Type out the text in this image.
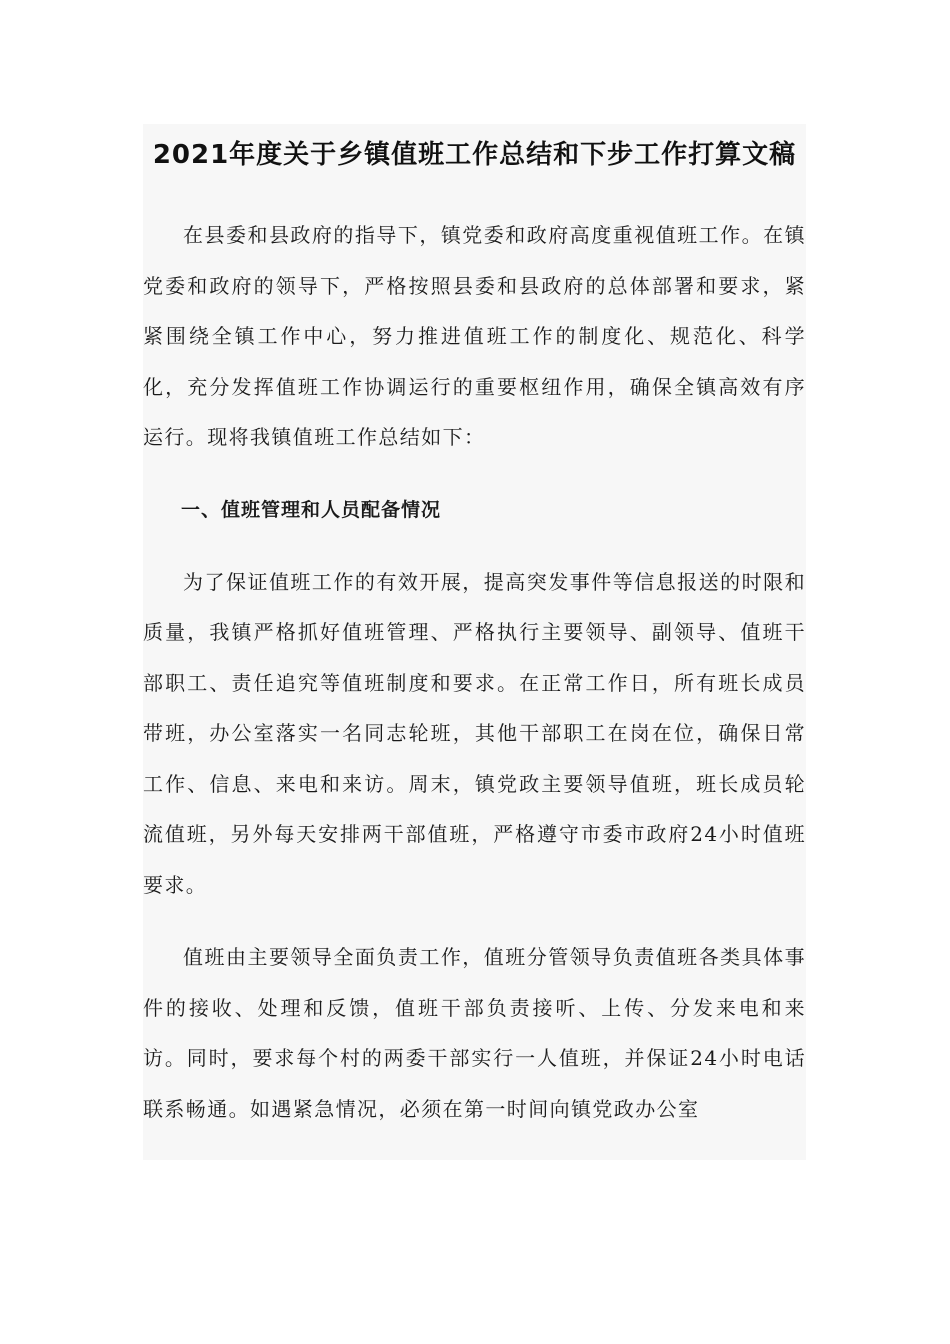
2021年度关于乡镇值班工作总结和下步工作打算文稿

在县委和县政府的指导下，镇党委和政府高度重视值班工作。在镇党委和政府的领导下，严格按照县委和县政府的总体部署和要求，紧紧围绕全镇工作中心，努力推进值班工作的制度化、规范化、科学化，充分发挥值班工作协调运行的重要枢纽作用，确保全镇高效有序运行。现将我镇值班工作总结如下：

一、值班管理和人员配备情况

为了保证值班工作的有效开展，提高突发事件等信息报送的时限和质量，我镇严格抓好值班管理、严格执行主要领导、副领导、值班干部职工、责任追究等值班制度和要求。在正常工作日，所有班长成员带班，办公室落实一名同志轮班，其他干部职工在岗在位，确保日常工作、信息、来电和来访。周末，镇党政主要领导值班，班长成员轮流值班，另外每天安排两干部值班，严格遵守市委市政府24小时值班要求。

值班由主要领导全面负责工作，值班分管领导负责值班各类具体事件的接收、处理和反馈，值班干部负责接听、上传、分发来电和来访。同时，要求每个村的两委干部实行一人值班，并保证24小时电话联系畅通。如遇紧急情况，必须在第一时间向镇党政办公室
